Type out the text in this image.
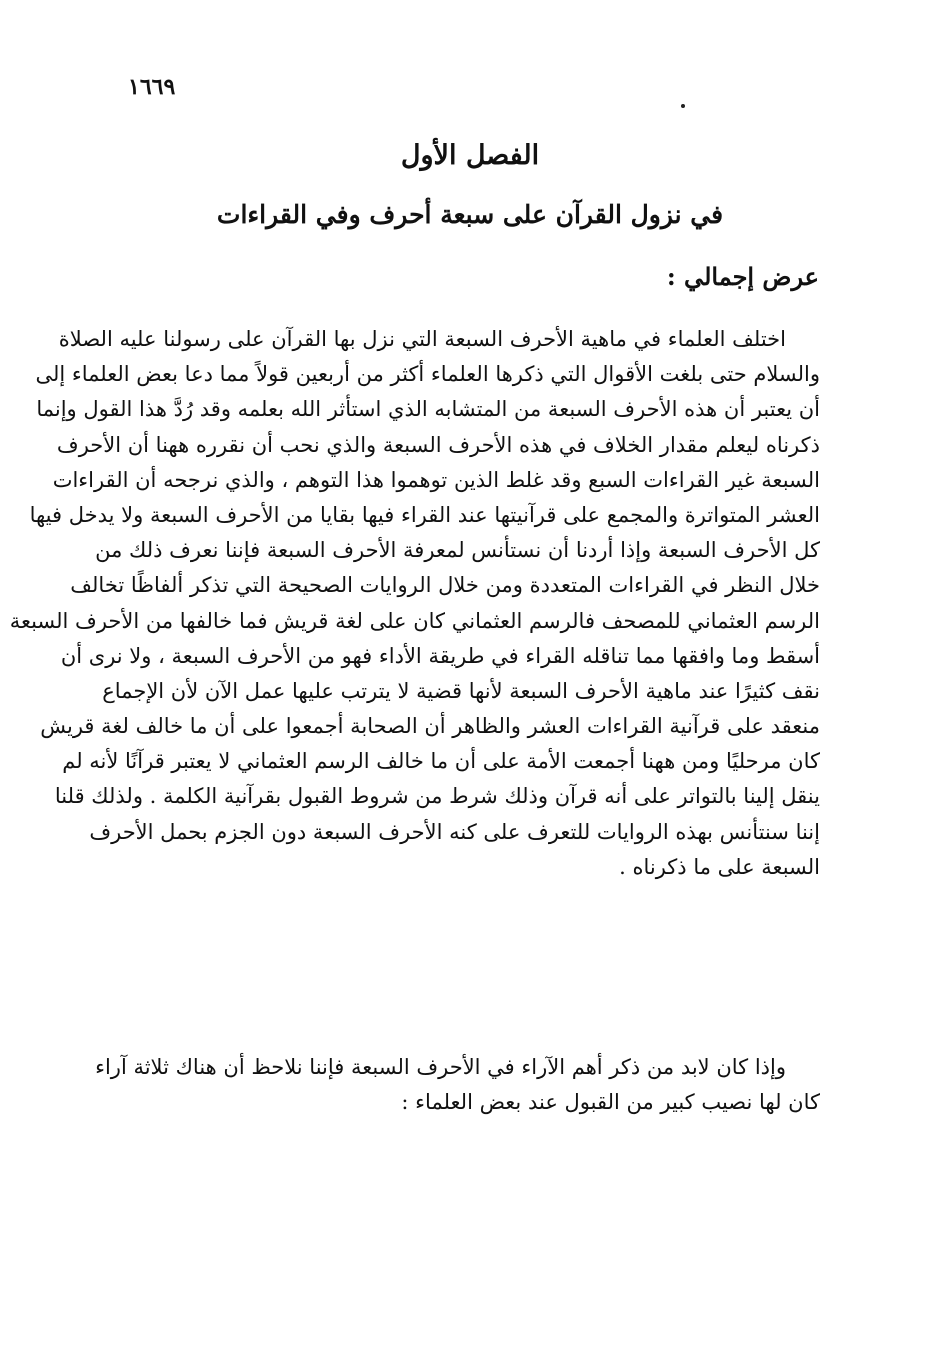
١٦٦٩
الفصل الأول
في نزول القرآن على سبعة أحرف وفي القراءات
عرض إجمالي :
اختلف العلماء في ماهية الأحرف السبعة التي نزل بها القرآن على رسولنا عليه الصلاة
والسلام حتى بلغت الأقوال التي ذكرها العلماء أكثر من أربعين قولاً مما دعا بعض العلماء إلى
أن يعتبر أن هذه الأحرف السبعة من المتشابه الذي استأثر الله بعلمه وقد رُدَّ هذا القول وإنما
ذكرناه ليعلم مقدار الخلاف في هذه الأحرف السبعة والذي نحب أن نقرره ههنا أن الأحرف
السبعة غير القراءات السبع وقد غلط الذين توهموا هذا التوهم ، والذي نرجحه أن القراءات
العشر المتواترة والمجمع على قرآنيتها عند القراء فيها بقايا من الأحرف السبعة ولا يدخل فيها
كل الأحرف السبعة وإذا أردنا أن نستأنس لمعرفة الأحرف السبعة فإننا نعرف ذلك من
خلال النظر في القراءات المتعددة ومن خلال الروايات الصحيحة التي تذكر ألفاظًا تخالف
الرسم العثماني للمصحف فالرسم العثماني كان على لغة قريش فما خالفها من الأحرف السبعة
أسقط وما وافقها مما تناقله القراء في طريقة الأداء فهو من الأحرف السبعة ، ولا نرى أن
نقف كثيرًا عند ماهية الأحرف السبعة لأنها قضية لا يترتب عليها عمل الآن لأن الإجماع
منعقد على قرآنية القراءات العشر والظاهر أن الصحابة أجمعوا على أن ما خالف لغة قريش
كان مرحليًا ومن ههنا أجمعت الأمة على أن ما خالف الرسم العثماني لا يعتبر قرآنًا لأنه لم
ينقل إلينا بالتواتر على أنه قرآن وذلك شرط من شروط القبول بقرآنية الكلمة . ولذلك قلنا
إننا سنتأنس بهذه الروايات للتعرف على كنه الأحرف السبعة دون الجزم بحمل الأحرف
السبعة على ما ذكرناه .
وإذا كان لابد من ذكر أهم الآراء في الأحرف السبعة فإننا نلاحظ أن هناك ثلاثة آراء
كان لها نصيب كبير من القبول عند بعض العلماء :
